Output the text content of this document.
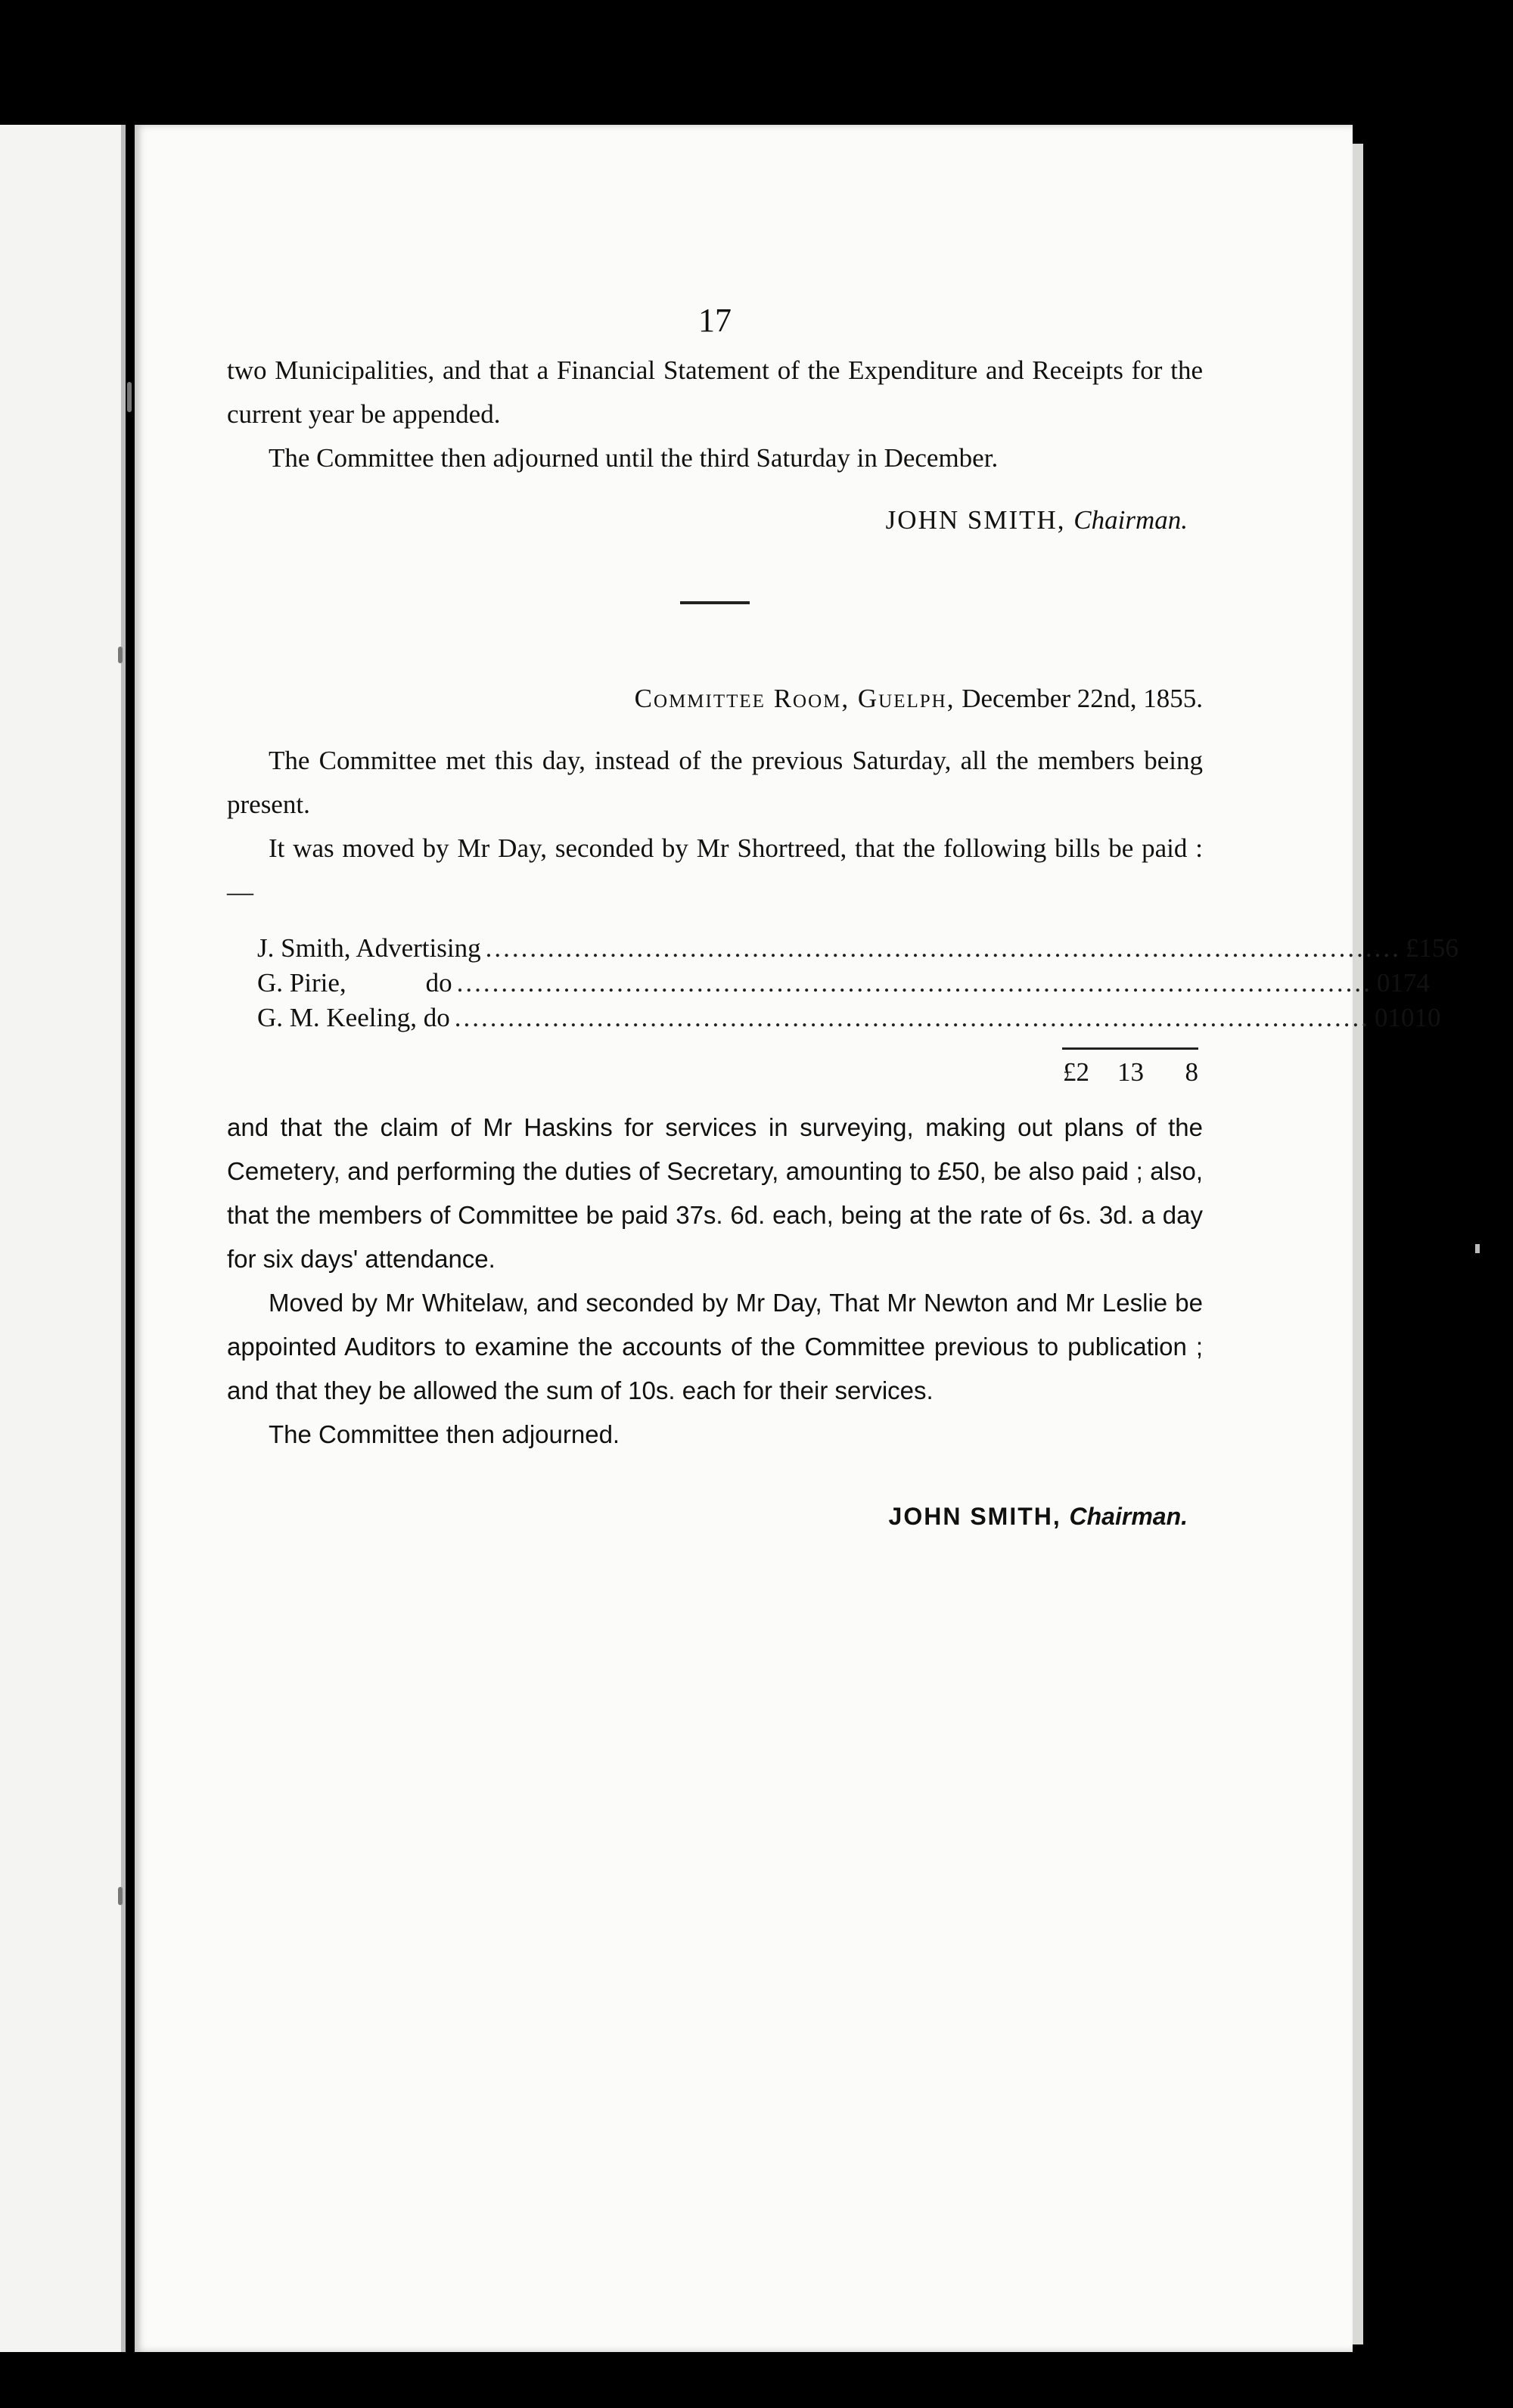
17

two Municipalities, and that a Financial Statement of the Expenditure and Receipts for the current year be appended.

The Committee then adjourned until the third Saturday in December.

JOHN SMITH, Chairman.
Committee Room, Guelph, December 22nd, 1855.

The Committee met this day, instead of the previous Saturday, all the members being present.

It was moved by Mr Day, seconded by Mr Shortreed, that the following bills be paid : —

J. Smith, Advertising ....................................................................................................... £1 5 6
G. Pirie,            do ....................................................................................................... 0 17 4
G. M. Keeling, do ....................................................................................................... 0 10 10
£2	13	8

and that the claim of Mr Haskins for services in surveying, making out plans of the Cemetery, and performing the duties of Secretary, amounting to £50, be also paid ; also, that the members of Committee be paid 37s. 6d. each, being at the rate of 6s. 3d. a day for six days' attendance.

Moved by Mr Whitelaw, and seconded by Mr Day, That Mr Newton and Mr Leslie be appointed Auditors to examine the accounts of the Committee previous to publication ; and that they be allowed the sum of 10s. each for their services.

The Committee then adjourned.

JOHN SMITH, Chairman.
